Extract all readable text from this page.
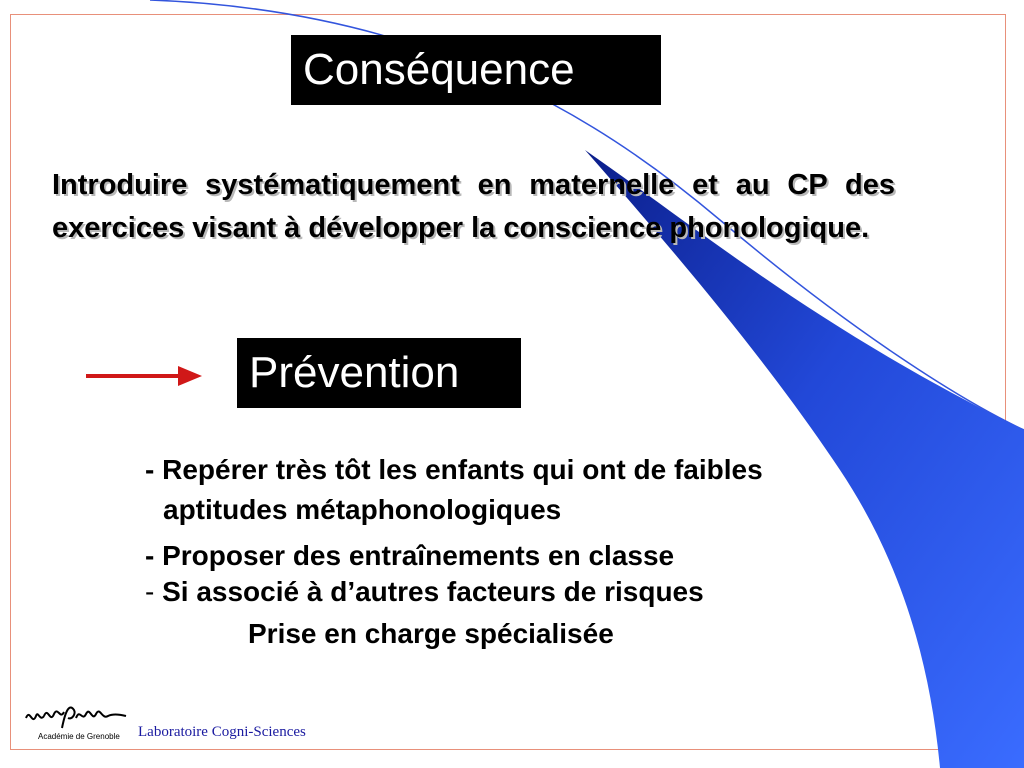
Conséquence
Introduire systématiquement en maternelle et au CP des exercices visant à développer la conscience phonologique.
Prévention
- Repérer très tôt les enfants qui ont de faibles
aptitudes métaphonologiques
- Proposer des entraînements en classe
- Si associé à d’autres facteurs de risques
Prise en charge spécialisée
Académie de Grenoble Laboratoire Cogni-Sciences
